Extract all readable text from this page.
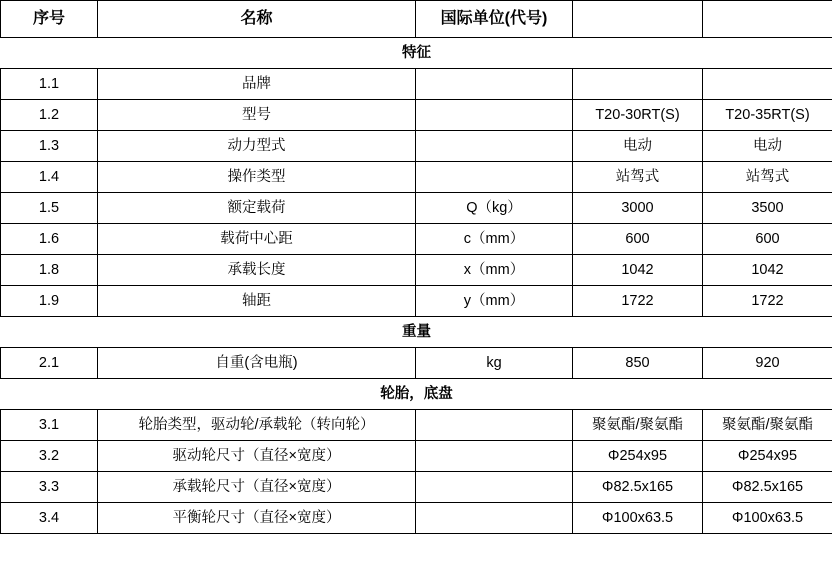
序号	名称	国际单位(代号)		
特征				
1.1	品牌			
1.2	型号		T20-30RT(S)	T20-35RT(S)
1.3	动力型式		电动	电动
1.4	操作类型		站驾式	站驾式
1.5	额定载荷	Q（kg）	3000	3500
1.6	载荷中心距	c（mm）	600	600
1.8	承载长度	x（mm）	1042	1042
1.9	轴距	y（mm）	1722	1722
重量				
2.1	自重(含电瓶)	kg	850	920
轮胎，底盘				
3.1	轮胎类型，驱动轮/承载轮（转向轮）		聚氨酯/聚氨酯	聚氨酯/聚氨酯
3.2	驱动轮尺寸（直径×宽度）		Φ254x95	Φ254x95
3.3	承载轮尺寸（直径×宽度）		Φ82.5x165	Φ82.5x165
3.4	平衡轮尺寸（直径×宽度）		Φ100x63.5	Φ100x63.5
